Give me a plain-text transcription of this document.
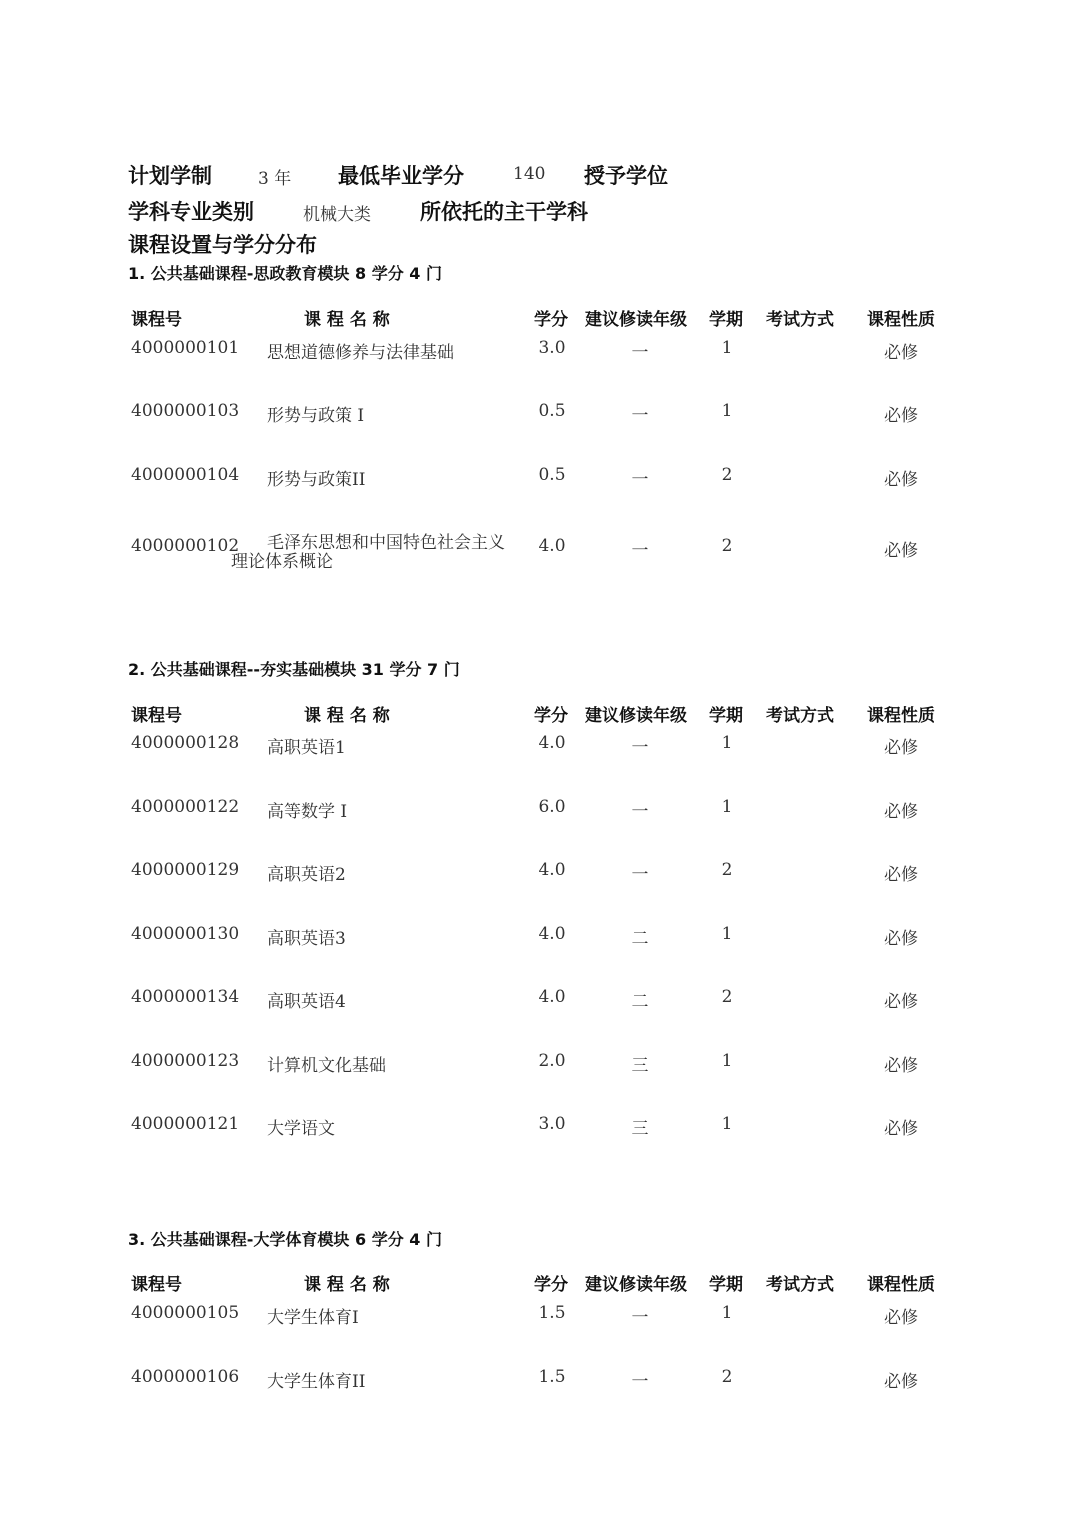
计划学制	3 年 最低毕业学分	140 授予学位
学科专业类别	机械大类 所依托的主干学科
课程设置与学分分布
1. 公共基础课程-思政教育模块 8 学分 4 门
课程号	课 程 名 称	学分 建议修读年级 学期 考试方式 课程性质
4000000101 思想道德修养与法律基础	3.0	一	1	必修
4000000103 形势与政策 I	0.5	一	1	必修
4000000104 形势与政策II	0.5	一	2	必修
4000000102 毛泽东思想和中国特色社会主义
理论体系概论
4.0	一	2	必修
2. 公共基础课程--夯实基础模块 31 学分 7 门
课程号	课 程 名 称	学分 建议修读年级 学期 考试方式 课程性质
4000000128 高职英语1	4.0	一	1	必修
4000000122 高等数学 I	6.0	一	1	必修
4000000129 高职英语2	4.0	一	2	必修
4000000130 高职英语3	4.0	二	1	必修
4000000134 高职英语4	4.0	二	2	必修
4000000123 计算机文化基础	2.0	三	1	必修
4000000121 大学语文	3.0	三	1	必修
3. 公共基础课程-大学体育模块 6 学分 4 门
课程号	课 程 名 称	学分 建议修读年级 学期 考试方式 课程性质
4000000105 大学生体育I	1.5	一	1	必修
4000000106 大学生体育II	1.5	一	2	必修
